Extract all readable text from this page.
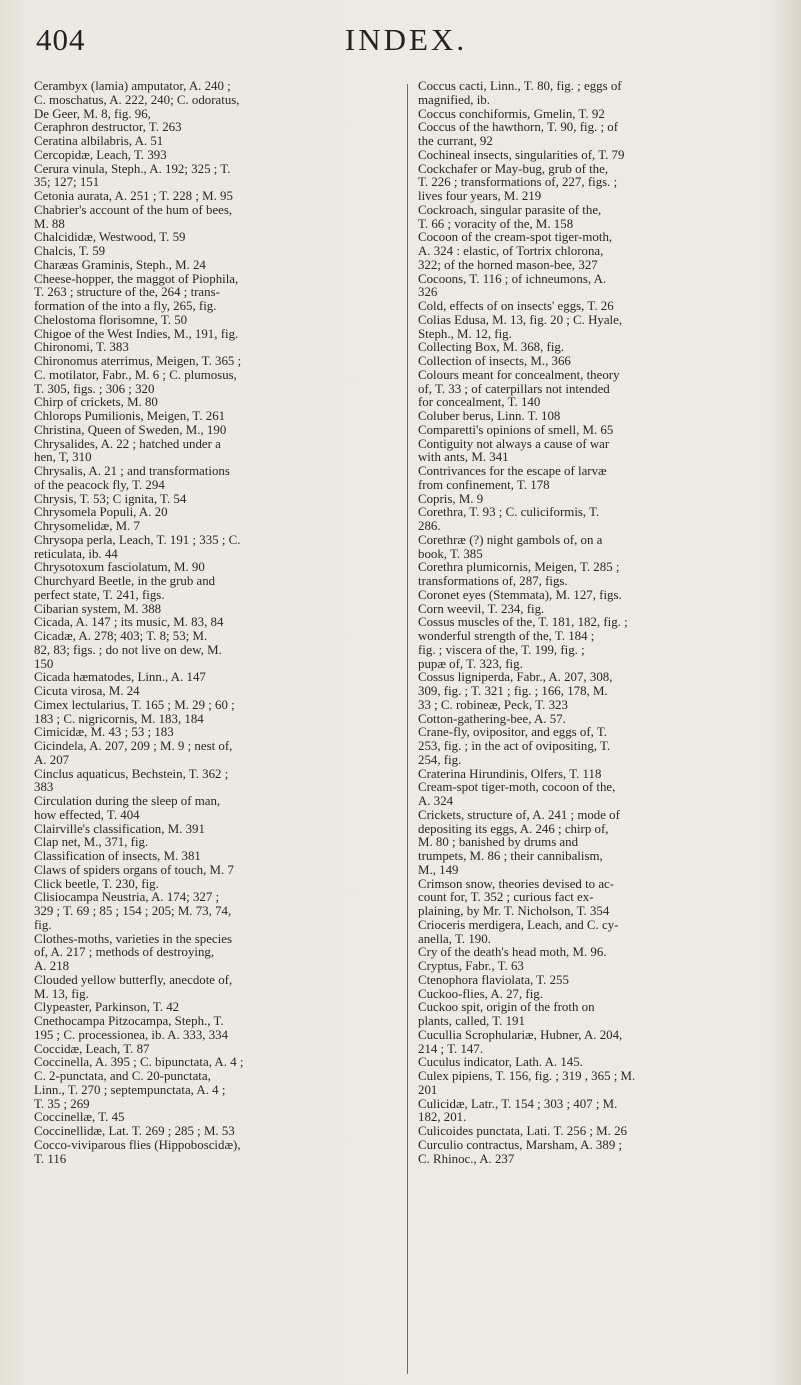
404	INDEX.
Cerambyx (lamia) amputator, A. 240 ;
C. moschatus, A. 222, 240; C. odoratus,
De Geer, M. 8, fig. 96,
Ceraphron destructor, T. 263
Ceratina albilabris, A. 51
Cercopidæ, Leach, T. 393
Cerura vinula, Steph., A. 192; 325 ; T.
35; 127; 151
Cetonia aurata, A. 251 ; T. 228 ; M. 95
Chabrier's account of the hum of bees,
M. 88
Chalcididæ, Westwood, T. 59
Chalcis, T. 59
Charæas Graminis, Steph., M. 24
Cheese-hopper, the maggot of Piophila,
T. 263 ; structure of the, 264 ; trans-
formation of the into a fly, 265, fig.
Chelostoma florisomne, T. 50
Chigoe of the West Indies, M., 191, fig.
Chironomi, T. 383
Chironomus aterrimus, Meigen, T. 365 ;
C. motilator, Fabr., M. 6 ; C. plumosus,
T. 305, figs. ; 306 ; 320
Chirp of crickets, M. 80
Chlorops Pumilionis, Meigen, T. 261
Christina, Queen of Sweden, M., 190
Chrysalides, A. 22 ; hatched under a
hen, T, 310
Chrysalis, A. 21 ; and transformations
of the peacock fly, T. 294
Chrysis, T. 53; C ignita, T. 54
Chrysomela Populi, A. 20
Chrysomelidæ, M. 7
Chrysopa perla, Leach, T. 191 ; 335 ; C.
reticulata, ib. 44
Chrysotoxum fasciolatum, M. 90
Churchyard Beetle, in the grub and
perfect state, T. 241, figs.
Cibarian system, M. 388
Cicada, A. 147 ; its music, M. 83, 84
Cicadæ, A. 278; 403; T. 8; 53; M.
82, 83; figs. ; do not live on dew, M.
150
Cicada hæmatodes, Linn., A. 147
Cicuta virosa, M. 24
Cimex lectularius, T. 165 ; M. 29 ; 60 ;
183 ; C. nigricornis, M. 183, 184
Cimicidæ, M. 43 ; 53 ; 183
Cicindela, A. 207, 209 ; M. 9 ; nest of,
A. 207
Cinclus aquaticus, Bechstein, T. 362 ;
383
Circulation during the sleep of man,
how effected, T. 404
Clairville's classification, M. 391
Clap net, M., 371, fig.
Classification of insects, M. 381
Claws of spiders organs of touch, M. 7
Click beetle, T. 230, fig.
Clisiocampa Neustria, A. 174; 327 ;
329 ; T. 69 ; 85 ; 154 ; 205; M. 73, 74,
fig.
Clothes-moths, varieties in the species
of, A. 217 ; methods of destroying,
A. 218
Clouded yellow butterfly, anecdote of,
M. 13, fig.
Clypeaster, Parkinson, T. 42
Cnethocampa Pitzocampa, Steph., T.
195 ; C. processionea, ib. A. 333, 334
Coccidæ, Leach, T. 87
Coccinella, A. 395 ; C. bipunctata, A. 4 ;
C. 2-punctata, and C. 20-punctata,
Linn., T. 270 ; septempunctata, A. 4 ;
T. 35 ; 269
Coccinellæ, T. 45
Coccinellidæ, Lat. T. 269 ; 285 ; M. 53
Cocco-viviparous flies (Hippoboscidæ),
T. 116
Coccus cacti, Linn., T. 80, fig. ; eggs of
magnified, ib.
Coccus conchiformis, Gmelin, T. 92
Coccus of the hawthorn, T. 90, fig. ; of
the currant, 92
Cochineal insects, singularities of, T. 79
Cockchafer or May-bug, grub of the,
T. 226 ; transformations of, 227, figs. ;
lives four years, M. 219
Cockroach, singular parasite of the,
T. 66 ; voracity of the, M. 158
Cocoon of the cream-spot tiger-moth,
A. 324 : elastic, of Tortrix chlorona,
322; of the horned mason-bee, 327
Cocoons, T. 116 ; of ichneumons, A.
326
Cold, effects of on insects' eggs, T. 26
Colias Edusa, M. 13, fig. 20 ; C. Hyale,
Steph., M. 12, fig.
Collecting Box, M. 368, fig.
Collection of insects, M., 366
Colours meant for concealment, theory
of, T. 33 ; of caterpillars not intended
for concealment, T. 140
Coluber berus, Linn. T. 108
Comparetti's opinions of smell, M. 65
Contiguity not always a cause of war
with ants, M. 341
Contrivances for the escape of larvæ
from confinement, T. 178
Copris, M. 9
Corethra, T. 93 ; C. culiciformis, T.
286.
Corethræ (?) night gambols of, on a
book, T. 385
Corethra plumicornis, Meigen, T. 285 ;
transformations of, 287, figs.
Coronet eyes (Stemmata), M. 127, figs.
Corn weevil, T. 234, fig.
Cossus muscles of the, T. 181, 182, fig. ;
wonderful strength of the, T. 184 ;
fig. ; viscera of the, T. 199, fig. ;
pupæ of, T. 323, fig.
Cossus ligniperda, Fabr., A. 207, 308,
309, fig. ; T. 321 ; fig. ; 166, 178, M.
33 ; C. robineæ, Peck, T. 323
Cotton-gathering-bee, A. 57.
Crane-fly, ovipositor, and eggs of, T.
253, fig. ; in the act of ovipositing, T.
254, fig.
Craterina Hirundinis, Olfers, T. 118
Cream-spot tiger-moth, cocoon of the,
A. 324
Crickets, structure of, A. 241 ; mode of
depositing its eggs, A. 246 ; chirp of,
M. 80 ; banished by drums and
trumpets, M. 86 ; their cannibalism,
M., 149
Crimson snow, theories devised to ac-
count for, T. 352 ; curious fact ex-
plaining, by Mr. T. Nicholson, T. 354
Crioceris merdigera, Leach, and C. cy-
anella, T. 190.
Cry of the death's head moth, M. 96.
Cryptus, Fabr., T. 63
Ctenophora flaviolata, T. 255
Cuckoo-flies, A. 27, fig.
Cuckoo spit, origin of the froth on
plants, called, T. 191
Cucullia Scrophulariæ, Hubner, A. 204,
214 ; T. 147.
Cuculus indicator, Lath. A. 145.
Culex pipiens, T. 156, fig. ; 319 , 365 ; M.
201
Culicidæ, Latr., T. 154 ; 303 ; 407 ; M.
182, 201.
Culicoides punctata, Lati. T. 256 ; M. 26
Curculio contractus, Marsham, A. 389 ;
C. Rhinoc., A. 237
